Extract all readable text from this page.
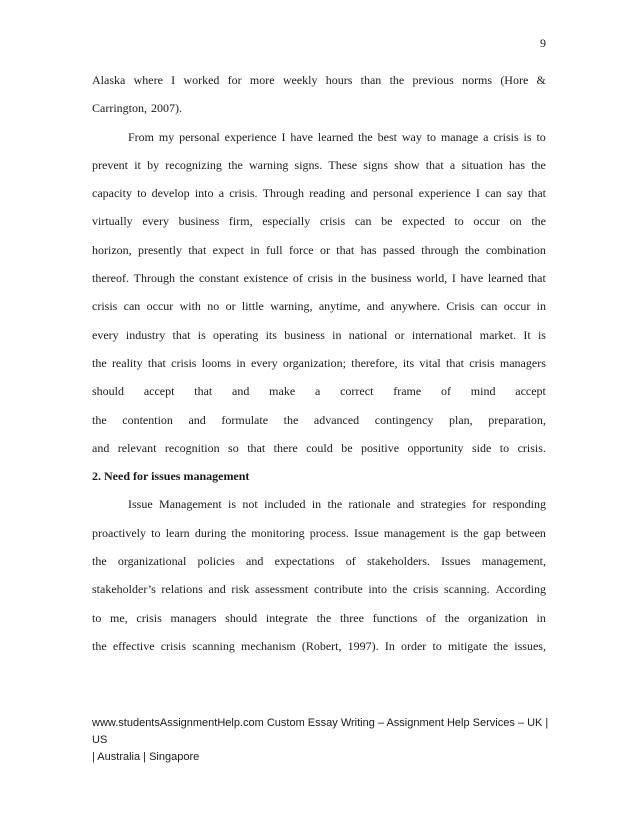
9
Alaska where I worked for more weekly hours than the previous norms (Hore &
Carrington, 2007).
From my personal experience I have learned the best way to manage a crisis is to
prevent it by recognizing the warning signs. These signs show that a situation has the
capacity to develop into a crisis. Through reading and personal experience I can say that
virtually every business firm, especially crisis can be expected to occur on the
horizon, presently that expect in full force or that has passed through the combination
thereof. Through the constant existence of crisis in the business world, I have learned that
crisis can occur with no or little warning, anytime, and anywhere. Crisis can occur in
every industry that is operating its business in national or international market. It is
the reality that crisis looms in every organization; therefore, its vital that crisis managers
should accept that and make a correct frame of mind accept
the contention and formulate the advanced contingency plan, preparation,
and relevant recognition so that there could be positive opportunity side to crisis.
2. Need for issues management
Issue Management is not included in the rationale and strategies for responding
proactively to learn during the monitoring process. Issue management is the gap between
the organizational policies and expectations of stakeholders. Issues management,
stakeholder’s relations and risk assessment contribute into the crisis scanning. According
to me, crisis managers should integrate the three functions of the organization in
the effective crisis scanning mechanism (Robert, 1997). In order to mitigate the issues,
www.studentsAssignmentHelp.com Custom Essay Writing – Assignment Help Services – UK | US
| Australia | Singapore
